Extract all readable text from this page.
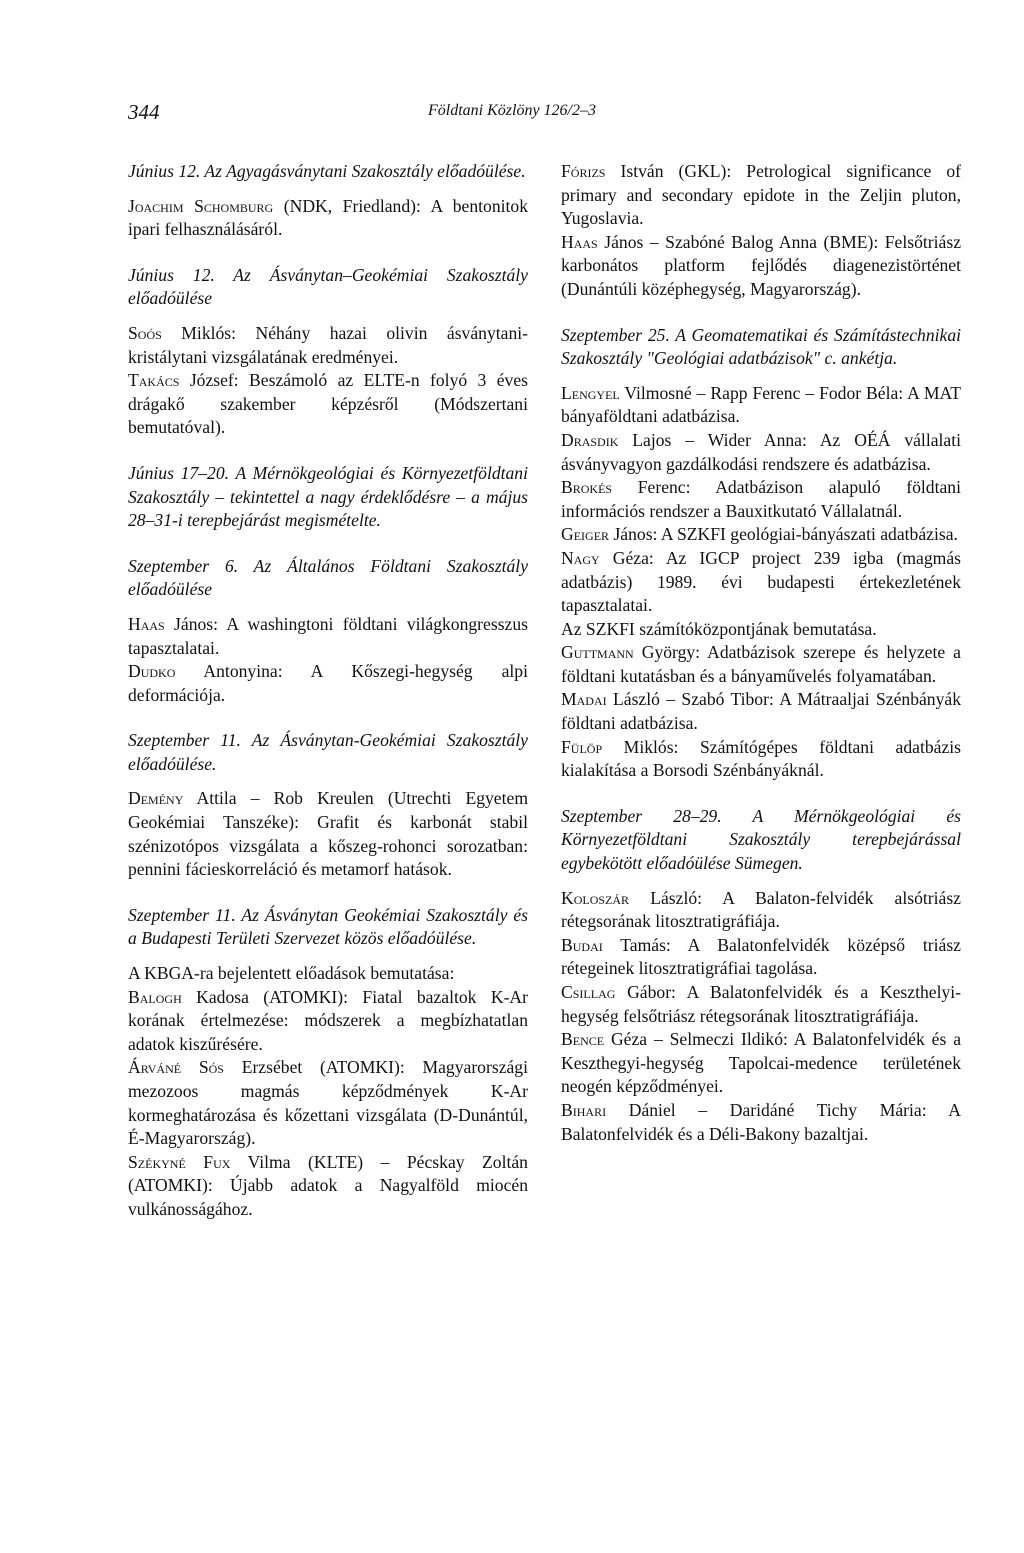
344	Földtani Közlöny 126/2–3
Június 12. Az Agyagásványtani Szakosztály előadóülése.
Joachim Schomburg (NDK, Friedland): A bentonitok ipari felhasználásáról.
Június 12. Az Ásványtan–Geokémiai Szakosztály előadóülése
Soós Miklós: Néhány hazai olivin ásványtani-kristálytani vizsgálatának eredményei.
Takács József: Beszámoló az ELTE-n folyó 3 éves drágakő szakember képzésről (Módszertani bemutatóval).
Június 17–20. A Mérnökgeológiai és Környezetföldtani Szakosztály – tekintettel a nagy érdeklődésre – a május 28–31-i terepbejárást megismételte.
Szeptember 6. Az Általános Földtani Szakosztály előadóülése
Haas János: A washingtoni földtani világkongresszus tapasztalatai.
Dudko Antonyina: A Kőszegi-hegység alpi deformációja.
Szeptember 11. Az Ásványtan-Geokémiai Szakosztály előadóülése.
Demény Attila – Rob Kreulen (Utrechti Egyetem Geokémiai Tanszéke): Grafit és karbonát stabil szénizotópos vizsgálata a kőszeg-rohonci sorozatban: pennini fácieskorreláció és metamorf hatások.
Szeptember 11. Az Ásványtan Geokémiai Szakosztály és a Budapesti Területi Szervezet közös előadóülése.
A KBGA-ra bejelentett előadások bemutatása:
Balogh Kadosa (ATOMKI): Fiatal bazaltok K-Ar korának értelmezése: módszerek a megbízhatatlan adatok kiszűrésére.
Árváné Sós Erzsébet (ATOMKI): Magyarországi mezozoos magmás képződmények K-Ar kormeghatározása és kőzettani vizsgálata (D-Dunántúl, É-Magyarország).
Székyné Fux Vilma (KLTE) – Pécskay Zoltán (ATOMKI): Újabb adatok a Nagyalföld miocén vulkánosságához.
Fórizs István (GKL): Petrological significance of primary and secondary epidote in the Zeljin pluton, Yugoslavia.
Haas János – Szabóné Balog Anna (BME): Felsőtriász karbonátos platform fejlődés diagenezistörténet (Dunántúli középhegység, Magyarország).
Szeptember 25. A Geomatematikai és Számítástechnikai Szakosztály "Geológiai adatbázisok" c. ankétja.
Lengyel Vilmosné – Rapp Ferenc – Fodor Béla: A MAT bányaföldtani adatbázisa.
Drasdik Lajos – Wider Anna: Az OÉÁ vállalati ásványvagyon gazdálkodási rendszere és adatbázisa.
Brokés Ferenc: Adatbázison alapuló földtani információs rendszer a Bauxitkutató Vállalatnál.
Geiger János: A SZKFI geológiai-bányászati adatbázisa.
Nagy Géza: Az IGCP project 239 igba (magmás adatbázis) 1989. évi budapesti értekezletének tapasztalatai.
Az SZKFI számítóközpontjának bemutatása.
Guttmann György: Adatbázisok szerepe és helyzete a földtani kutatásban és a bányaművelés folyamatában.
Madai László – Szabó Tibor: A Mátraaljai Szénbányák földtani adatbázisa.
Fülöp Miklós: Számítógépes földtani adatbázis kialakítása a Borsodi Szénbányáknál.
Szeptember 28–29. A Mérnökgeológiai és Környezetföldtani Szakosztály terepbejárással egybekötött előadóülése Sümegen.
Koloszár László: A Balaton-felvidék alsótriász rétegsorának litosztratigráfiája.
Budai Tamás: A Balatonfelvidék középső triász rétegeinek litosztratigráfiai tagolása.
Csillag Gábor: A Balatonfelvidék és a Keszthelyi-hegység felsőtriász rétegsorának litosztratigráfiája.
Bence Géza – Selmeczi Ildikó: A Balatonfelvidék és a Keszthegyi-hegység Tapolcai-medence területének neogén képződményei.
Bihari Dániel – Daridáné Tichy Mária: A Balatonfelvidék és a Déli-Bakony bazaltjai.
